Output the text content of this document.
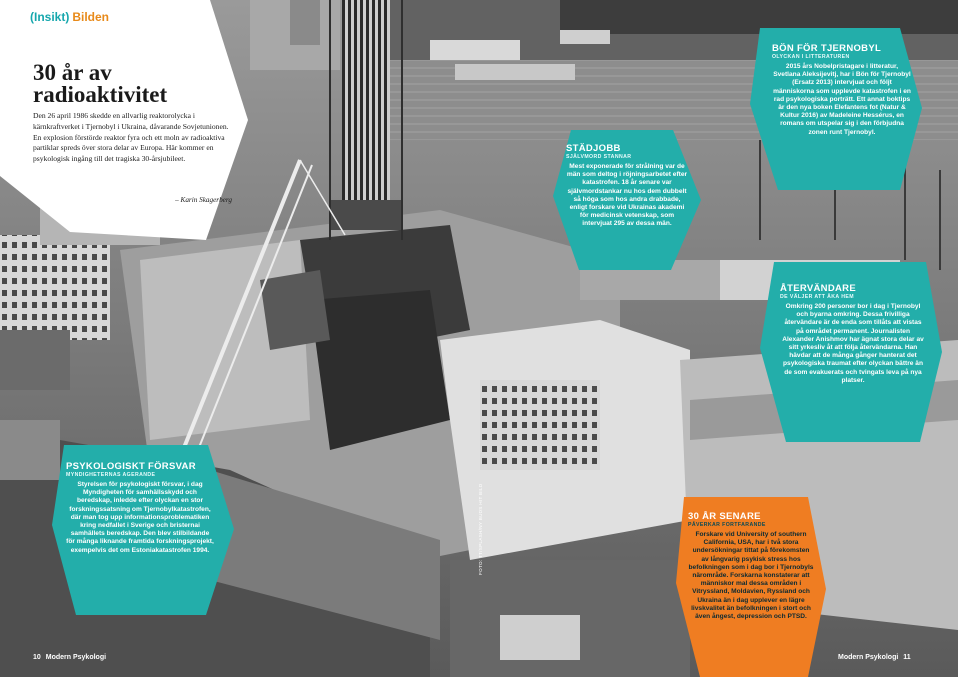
(Insikt) Bilden
30 år av radioaktivitet
Den 26 april 1986 skedde en allvarlig reaktorolycka i kärnkraftverket i Tjernobyl i Ukraina, dåvarande Sovjetunionen. En explosion förstörde reaktor fyra och ett moln av radioaktiva partiklar spreds över stora delar av Europa. Här kommer en psykologisk ingång till det tragiska 30-årsjubileet.
– Karin Skagerberg
BÖN FÖR TJERNOBYL
OLYCKAN I LITTERATUREN
2015 års Nobelpristagare i litteratur, Svetlana Aleksijevitj, har i Bön för Tjernobyl (Ersatz 2013) intervjuat och följt människorna som upplevde katastrofen i en rad psykologiska porträtt. Ett annat boktips är den nya boken Elefantens fot (Natur & Kultur 2016) av Madeleine Hessérus, en romans om utspelar sig i den förbjudna zonen runt Tjernobyl.
STÄDJOBB
SJÄLVMORD STANNAR
Mest exponerade för strålning var de män som deltog i röjningsarbetet efter katastrofen. 18 år senare var självmordstankar nu hos dem dubbelt så höga som hos andra drabbade, enligt forskare vid Ukrainas akademi för medicinsk vetenskap, som intervjuat 295 av dessa män.
ÅTERVÄNDARE
DE VÄLJER ATT ÅKA HEM
Omkring 200 personer bor i dag i Tjernobyl och byarna omkring. Dessa frivilliga återvändare är de enda som tillåts att vistas på området permanent. Journalisten Alexander Anishmov har ägnat stora delar av sitt yrkesliv åt att följa återvändarna. Han hävdar att de många gånger hanterat det psykologiska traumat efter olyckan bättre än de som evakuerats och tvingats leva på nya platser.
PSYKOLOGISKT FÖRSVAR
MYNDIGHETERNAS AGERANDE
Styrelsen för psykologiskt försvar, i dag Myndigheten för samhällsskydd och beredskap, inledde efter olyckan en stor forskningssatsning om Tjernobylkatastrofen, där man tog upp informationsproblematiken kring nedfallet i Sverige och bristernai samhällets beredskap. Den blev stilbildande för många liknande framtida forskningsprojekt, exempelvis det om Estoniakatastrofen 1994.
30 ÅR SENARE
PÅVERKAR FORTFARANDE
Forskare vid University of southern California, USA, har i två stora undersökningar tittat på förekomsten av långvarig psykisk stress hos befolkningen som i dag bor i Tjernobyls närområde. Forskarna konstaterar att människor mal dessa områden i Vitryssland, Moldavien, Ryssland och Ukraina än i dag upplever en lägre livskvalitet än befolkningen i stort och även ångest, depression och PTSD.
FOTO: TT/SPLASH/NY BUDS HIT BILD
10 Modern Psykologi	Modern Psykologi 11
